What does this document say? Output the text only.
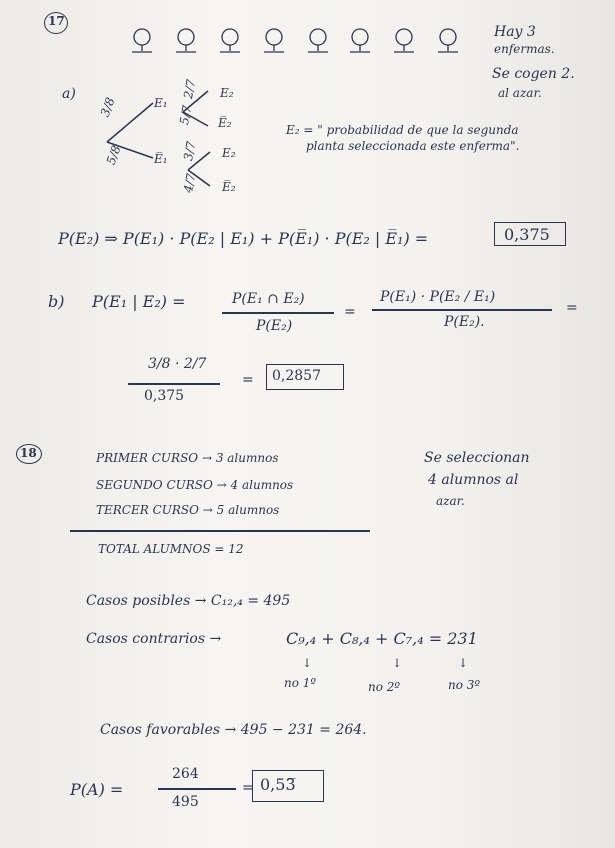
17
Hay 3
enfermas.
Se cogen 2.
al azar.
a)
3/8
5/8
E₁
E̅₁
2/7
5/7
3/7
4/7
E₂
E̅₂
E₂
E̅₂
E₂ = " probabilidad de que la segunda
planta seleccionada este enferma".
P(E₂) ⇒ P(E₁) · P(E₂ | E₁) + P(E̅₁) · P(E₂ | E̅₁) =	0,375
b) P(E₁ | E₂) =	P(E₁ ∩ E₂)
P(E₂)
=
P(E₁) · P(E₂ / E₁)
P(E₂).
=
3/8 · 2/7
0,375
= 0,2857
18	PRIMER CURSO → 3 alumnos
SEGUNDO CURSO → 4 alumnos
TERCER CURSO → 5 alumnos
Se seleccionan
4 alumnos al
azar.
TOTAL ALUMNOS = 12
Casos posibles → C₁₂,₄ = 495
Casos contrarios →	C₉,₄ + C₈,₄ + C₇,₄ = 231
↓	↓	↓
no 1º	no 2º	no 3º
Casos favorables → 495 − 231 = 264.
P(A) =
264
495
= 0,53̅
